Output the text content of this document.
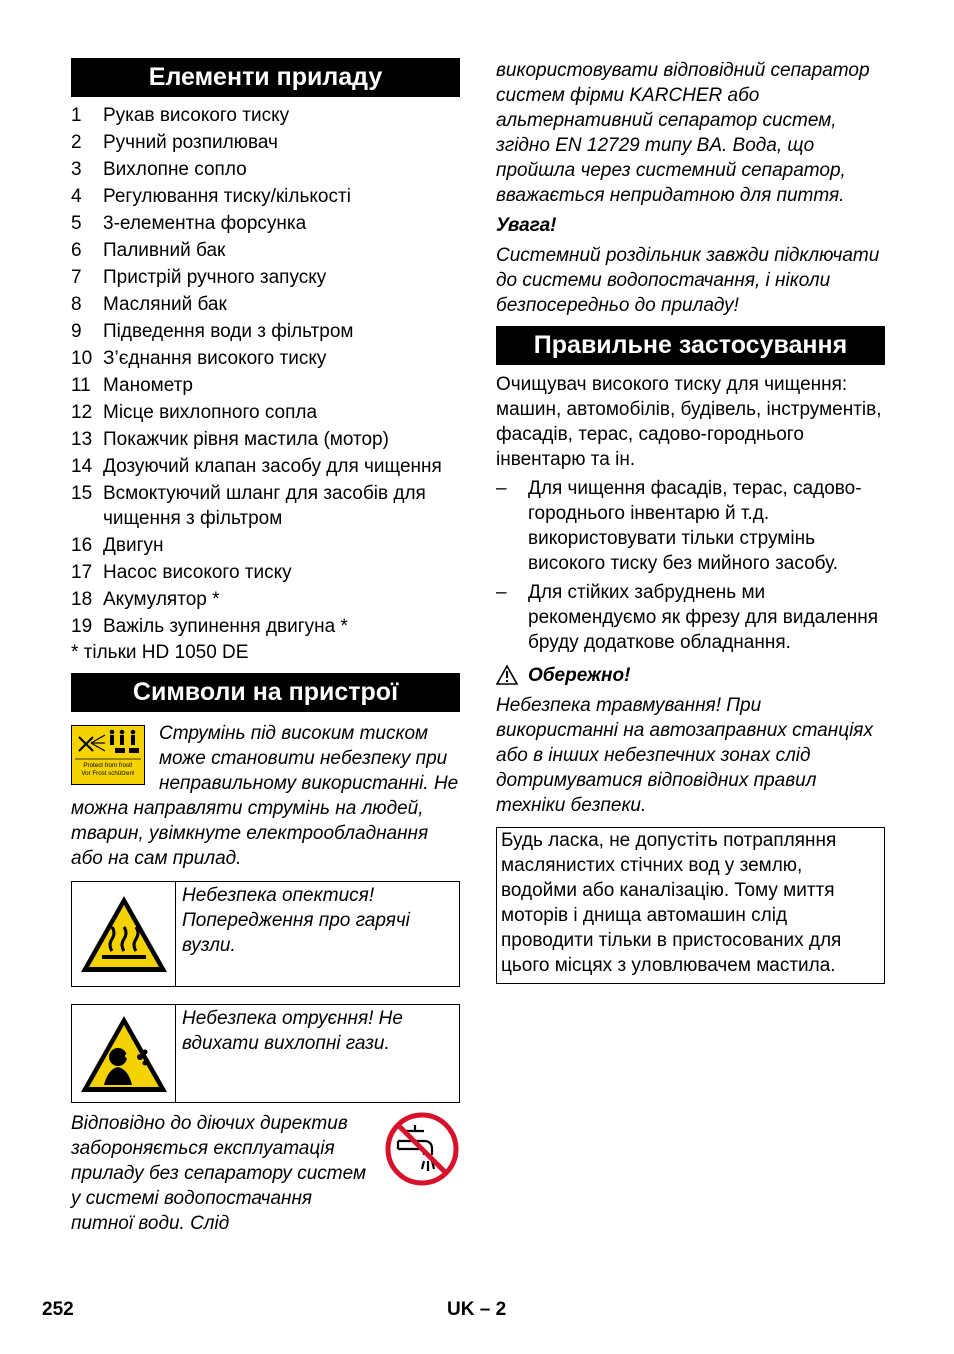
Елементи приладу
1	Рукав високого тиску
2	Ручний розпилювач
3	Вихлопне сопло
4	Регулювання тиску/кількості
5	3-елементна форсунка
6	Паливний бак
7	Пристрій ручного запуску
8	Масляний бак
9	Підведення води з фільтром
10 З’єднання високого тиску
11 Манометр
12 Місце вихлопного сопла
13 Покажчик рівня мастила (мотор)
14 Дозуючий клапан засобу для чищення
15 Всмоктуючий шланг для засобів для чищення з фільтром
16 Двигун
17 Насос високого тиску
18 Акумулятор *
19 Важіль зупинення двигуна *
* тільки HD 1050 DE
Символи на пристрої
Protect from frost!
Vor Frost schützen!
Струмінь під високим тиском може становити небезпеку при неправильному використанні. Не можна направляти струмінь на людей, тварин, увімкнуте електрообладнання або на сам прилад.
Небезпека опектися! Попередження про гарячі вузли.
Небезпека отруєння! Не вдихати вихлопні гази.
Відповідно до діючих директив забороняється експлуатація приладу без сепаратору систем у системі водопостачання питної води. Слід
використовувати відповідний сепаратор систем фірми KARCHER або альтернативний сепаратор систем, згідно EN 12729 типу BA. Вода, що пройшла через системний сепаратор, вважається непридатною для пиття.
Увага!
Системний роздільник завжди підключати до системи водопостачання, і ніколи безпосередньо до приладу!
Правильне застосування
Очищувач високого тиску для чищення: машин, автомобілів, будівель, інструментів, фасадів, терас, садово-городнього інвентарю та ін.
–	Для чищення фасадів, терас, садово-городнього інвентарю й т.д. використовувати тільки струмінь високого тиску без мийного засобу.
–	Для стійких забруднень ми рекомендуємо як фрезу для видалення бруду додаткове обладнання.
Обережно!
Небезпека травмування! При використанні на автозаправних станціях або в інших небезпечних зонах слід дотримуватися відповідних правил техніки безпеки.
Будь ласка, не допустіть потрапляння маслянистих стічних вод у землю, водойми або каналізацію. Тому миття моторів і днища автомашин слід проводити тільки в пристосованих для цього місцях з уловлювачем мастила.
252	UK – 2
